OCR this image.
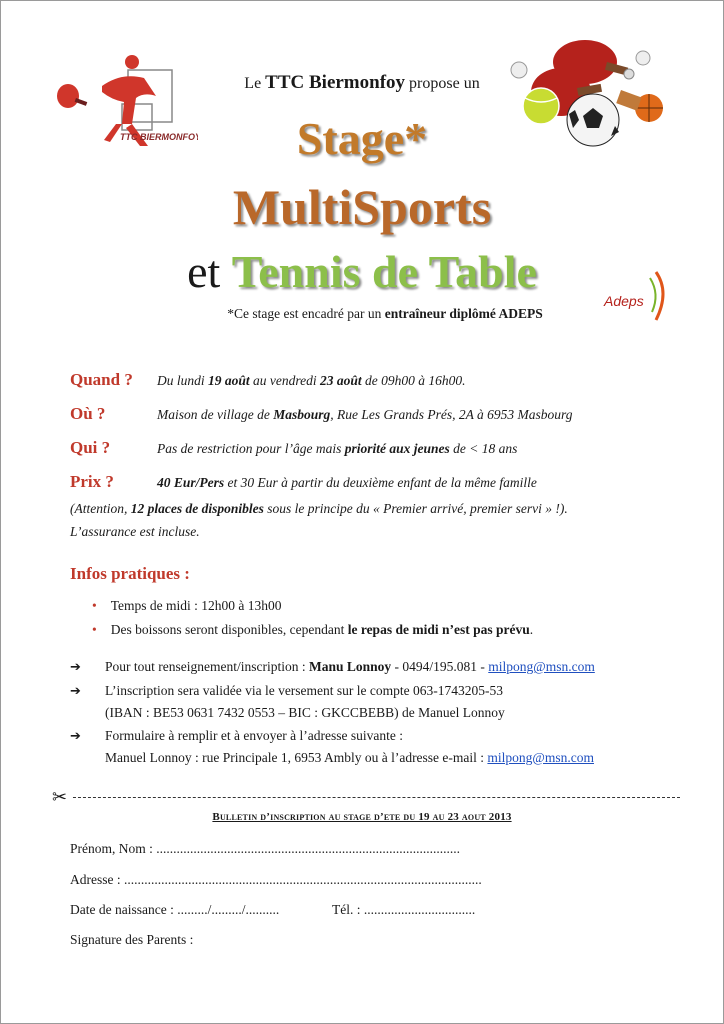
TTC BIERMONFOY
Adeps
Le TTC Biermonfoy propose un
Stage*
MultiSports
et Tennis de Table
*Ce stage est encadré par un entraîneur diplômé ADEPS
Quand ? Du lundi 19 août au vendredi 23 août de 09h00 à 16h00.
Où ?	Maison de village de Masbourg, Rue Les Grands Prés, 2A à 6953 Masbourg
Qui ?	Pas de restriction pour l’âge mais priorité aux jeunes de < 18 ans
Prix ?	40 Eur/Pers et 30 Eur à partir du deuxième enfant de la même famille
(Attention, 12 places de disponibles sous le principe du « Premier arrivé, premier servi » !).
L’assurance est incluse.
Infos pratiques :
• Temps de midi : 12h00 à 13h00
• Des boissons seront disponibles, cependant le repas de midi n’est pas prévu.
➔ Pour tout renseignement/inscription : Manu Lonnoy - 0494/195.081 - milpong@msn.com
➔ L’inscription sera validée via le versement sur le compte 063-1743205-53
(IBAN : BE53 0631 7432 0553 – BIC : GKCCBEBB) de Manuel Lonnoy
➔ Formulaire à remplir et à envoyer à l’adresse suivante :
Manuel Lonnoy : rue Principale 1, 6953 Ambly ou à l’adresse e-mail : milpong@msn.com
✂
Bulletin d’inscription au stage d’ete du 19 au 23 aout 2013
Prénom, Nom : ..........................................................................................
Adresse : ..........................................................................................................
Date de naissance : ........./........./..........	Tél. : .................................
Signature des Parents :
